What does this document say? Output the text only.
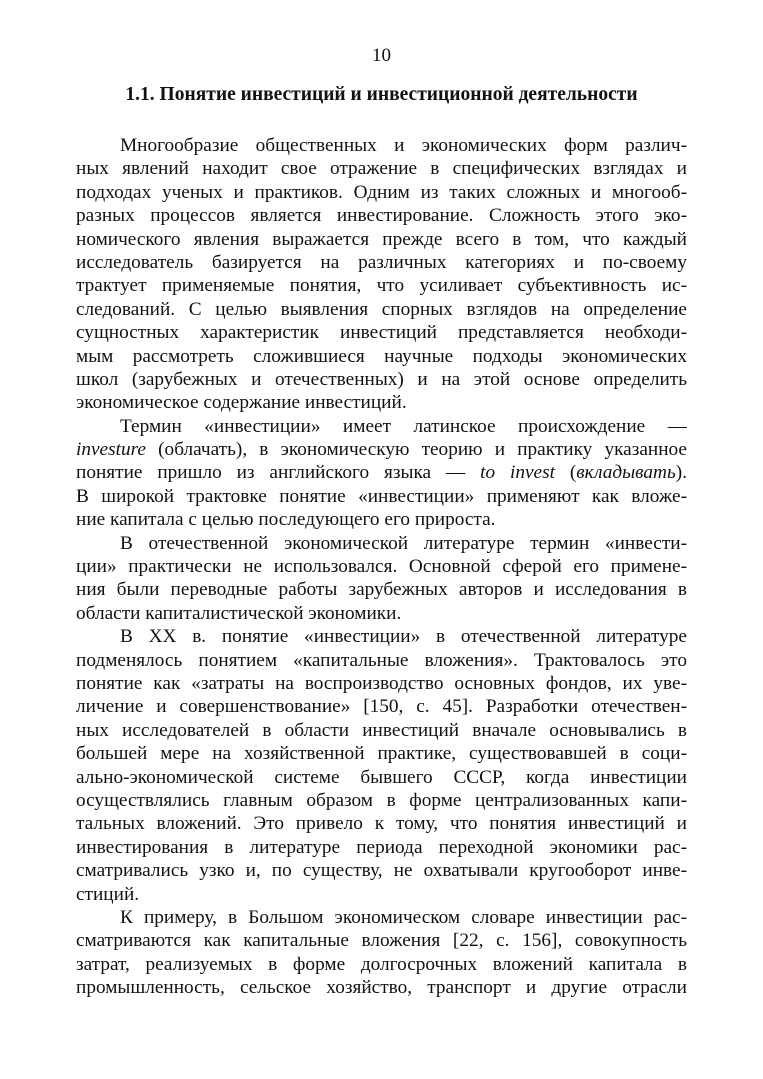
10
1.1. Понятие инвестиций и инвестиционной деятельности
Многообразие общественных и экономических форм различ-
ных явлений находит свое отражение в специфических взглядах и
подходах ученых и практиков. Одним из таких сложных и многооб-
разных процессов является инвестирование. Сложность этого эко-
номического явления выражается прежде всего в том, что каждый
исследователь базируется на различных категориях и по-своему
трактует применяемые понятия, что усиливает субъективность ис-
следований. С целью выявления спорных взглядов на определение
сущностных характеристик инвестиций представляется необходи-
мым рассмотреть сложившиеся научные подходы экономических
школ (зарубежных и отечественных) и на этой основе определить
экономическое содержание инвестиций.
Термин «инвестиции» имеет латинское происхождение —
investure (облачать), в экономическую теорию и практику указанное
понятие пришло из английского языка — to invest (вкладывать).
В широкой трактовке понятие «инвестиции» применяют как вложе-
ние капитала с целью последующего его прироста.
В отечественной экономической литературе термин «инвести-
ции» практически не использовался. Основной сферой его примене-
ния были переводные работы зарубежных авторов и исследования в
области капиталистической экономики.
В XX в. понятие «инвестиции» в отечественной литературе
подменялось понятием «капитальные вложения». Трактовалось это
понятие как «затраты на воспроизводство основных фондов, их уве-
личение и совершенствование» [150, с. 45]. Разработки отечествен-
ных исследователей в области инвестиций вначале основывались в
большей мере на хозяйственной практике, существовавшей в соци-
ально-экономической системе бывшего СССР, когда инвестиции
осуществлялись главным образом в форме централизованных капи-
тальных вложений. Это привело к тому, что понятия инвестиций и
инвестирования в литературе периода переходной экономики рас-
сматривались узко и, по существу, не охватывали кругооборот инве-
стиций.
К примеру, в Большом экономическом словаре инвестиции рас-
сматриваются как капитальные вложения [22, с. 156], совокупность
затрат, реализуемых в форме долгосрочных вложений капитала в
промышленность, сельское хозяйство, транспорт и другие отрасли
